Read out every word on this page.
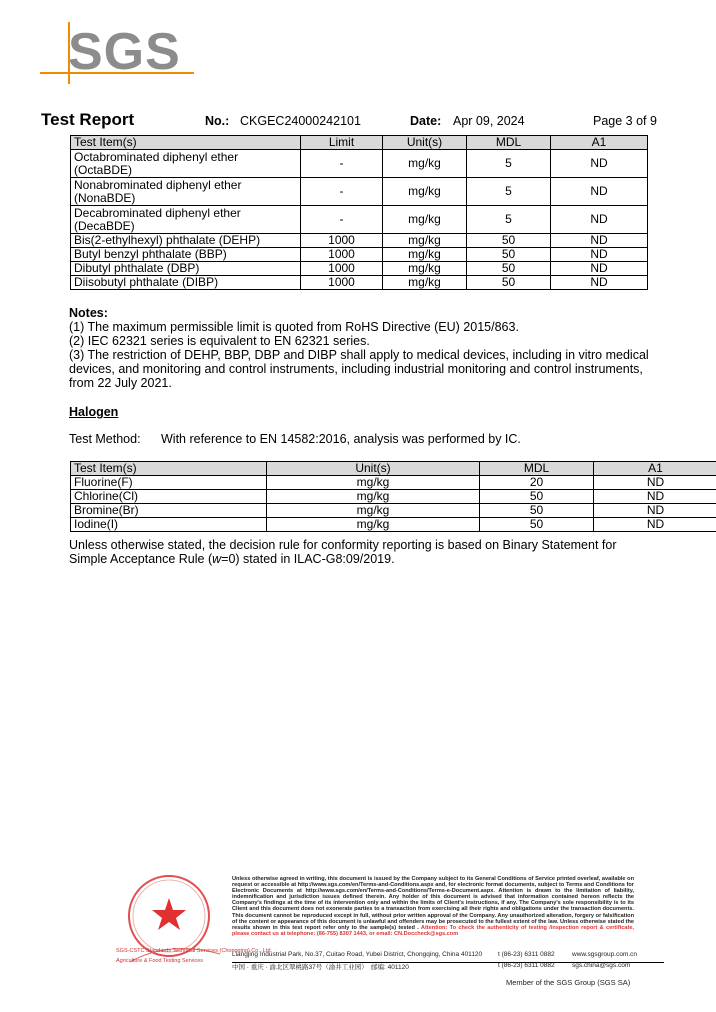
SGS
Test Report	No.: CKGEC24000242101	Date: Apr 09, 2024	Page 3 of 9
Test Item(s)	Limit	Unit(s)	MDL	A1
Octabrominated diphenyl ether (OctaBDE)	-	mg/kg	5	ND
Nonabrominated diphenyl ether (NonaBDE)	-	mg/kg	5	ND
Decabrominated diphenyl ether (DecaBDE)	-	mg/kg	5	ND
Bis(2-ethylhexyl) phthalate (DEHP)	1000	mg/kg	50	ND
Butyl benzyl phthalate (BBP)	1000	mg/kg	50	ND
Dibutyl phthalate (DBP)	1000	mg/kg	50	ND
Diisobutyl phthalate (DIBP)	1000	mg/kg	50	ND
Notes:
(1) The maximum permissible limit is quoted from RoHS Directive (EU) 2015/863.
(2) IEC 62321 series is equivalent to EN 62321 series.
(3) The restriction of DEHP, BBP, DBP and DIBP shall apply to medical devices, including in vitro medical devices, and monitoring and control instruments, including industrial monitoring and control instruments, from 22 July 2021.
Halogen
Test Method: With reference to EN 14582:2016, analysis was performed by IC.
Test Item(s)	Unit(s)	MDL	A1
Fluorine(F)	mg/kg	20	ND
Chlorine(Cl)	mg/kg	50	ND
Bromine(Br)	mg/kg	50	ND
Iodine(I)	mg/kg	50	ND
Unless otherwise stated, the decision rule for conformity reporting is based on Binary Statement for Simple Acceptance Rule (w=0) stated in ILAC-G8:09/2019.
SGS-CSTC Standards Technical Services (Chongqing) Co., Ltd.
Agriculture & Food Testing Services
Unless otherwise agreed in writing, this document is issued by the Company subject to its General Conditions of Service printed overleaf, available on request or accessible at http://www.sgs.com/en/Terms-and-Conditions.aspx and, for electronic format documents, subject to Terms and Conditions for Electronic Documents at http://www.sgs.com/en/Terms-and-Conditions/Terms-e-Document.aspx. Attention is drawn to the limitation of liability, indemnification and jurisdiction issues defined therein. Any holder of this document is advised that information contained hereon reflects the Company's findings at the time of its intervention only and within the limits of Client's instructions, if any. The Company's sole responsibility is to its Client and this document does not exonerate parties to a transaction from exercising all their rights and obligations under the transaction documents. This document cannot be reproduced except in full, without prior written approval of the Company. Any unauthorized alteration, forgery or falsification of the content or appearance of this document is unlawful and offenders may be prosecuted to the fullest extent of the law. Unless otherwise stated the results shown in this test report refer only to the sample(s) tested . Attention: To check the authenticity of testing /inspection report & certificate, please contact us at telephone: (86-755) 8307 1443, or email: CN.Doccheck@sgs.com
Liangjing Industrial Park, No.37, Cuitao Road, Yubei District, Chongqing, China 401120 t (86-23) 6311 0882	www.sgsgroup.com.cn
中国 · 重庆 · 渝北区翠桃路37号（渝井工业园）　邮编: 401120	t (86-23) 6311 0882	sgs.china@sgs.com
Member of the SGS Group (SGS SA)
